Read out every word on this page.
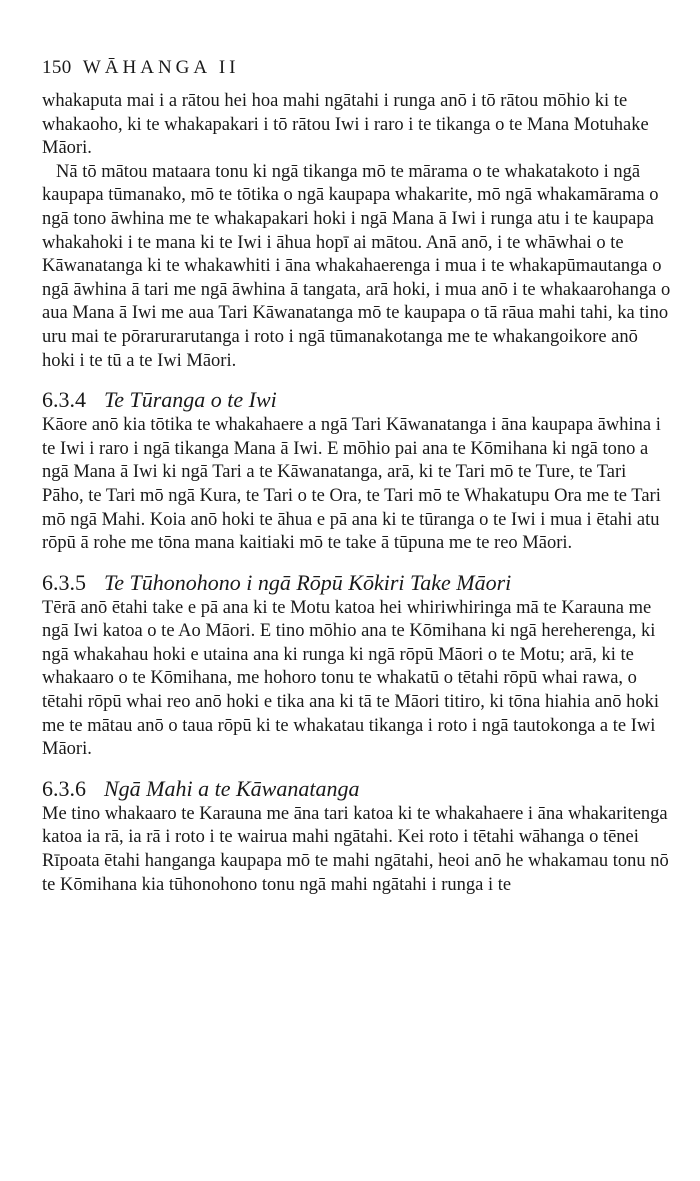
150 WĀHANGA II

whakaputa mai i a rātou hei hoa mahi ngātahi i runga anō i tō rātou mōhio ki te whakaoho, ki te whakapakari i tō rātou Iwi i raro i te tikanga o te Mana Motuhake Māori.

Nā tō mātou mataara tonu ki ngā tikanga mō te mārama o te whakatakoto i ngā kaupapa tūmanako, mō te tōtika o ngā kaupapa whakarite, mō ngā whakamārama o ngā tono āwhina me te whakapakari hoki i ngā Mana ā Iwi i runga atu i te kaupapa whakahoki i te mana ki te Iwi i āhua hopī ai mātou. Anā anō, i te whāwhai o te Kāwanatanga ki te whakawhiti i āna whakahaerenga i mua i te whakapūmautanga o ngā āwhina ā tari me ngā āwhina ā tangata, arā hoki, i mua anō i te whakaarohanga o aua Mana ā Iwi me aua Tari Kāwanatanga mō te kaupapa o tā rāua mahi tahi, ka tino uru mai te pōrarurarutanga i roto i ngā tūmanakotanga me te whakangoikore anō hoki i te tū a te Iwi Māori.

6.3.4 Te Tūranga o te Iwi

Kāore anō kia tōtika te whakahaere a ngā Tari Kāwanatanga i āna kaupapa āwhina i te Iwi i raro i ngā tikanga Mana ā Iwi. E mōhio pai ana te Kōmihana ki ngā tono a ngā Mana ā Iwi ki ngā Tari a te Kāwanatanga, arā, ki te Tari mō te Ture, te Tari Pāho, te Tari mō ngā Kura, te Tari o te Ora, te Tari mō te Whakatupu Ora me te Tari mō ngā Mahi. Koia anō hoki te āhua e pā ana ki te tūranga o te Iwi i mua i ētahi atu rōpū ā rohe me tōna mana kaitiaki mō te take ā tūpuna me te reo Māori.

6.3.5 Te Tūhonohono i ngā Rōpū Kōkiri Take Māori

Tērā anō ētahi take e pā ana ki te Motu katoa hei whiriwhiringa mā te Karauna me ngā Iwi katoa o te Ao Māori. E tino mōhio ana te Kōmihana ki ngā hereherenga, ki ngā whakahau hoki e utaina ana ki runga ki ngā rōpū Māori o te Motu; arā, ki te whakaaro o te Kōmihana, me hohoro tonu te whakatū o tētahi rōpū whai rawa, o tētahi rōpū whai reo anō hoki e tika ana ki tā te Māori titiro, ki tōna hiahia anō hoki me te mātau anō o taua rōpū ki te whakatau tikanga i roto i ngā tautokonga a te Iwi Māori.

6.3.6 Ngā Mahi a te Kāwanatanga

Me tino whakaaro te Karauna me āna tari katoa ki te whakahaere i āna whakaritenga katoa ia rā, ia rā i roto i te wairua mahi ngātahi. Kei roto i tētahi wāhanga o tēnei Rīpoata ētahi hanganga kaupapa mō te mahi ngātahi, heoi anō he whakamau tonu nō te Kōmihana kia tūhonohono tonu ngā mahi ngātahi i runga i te
